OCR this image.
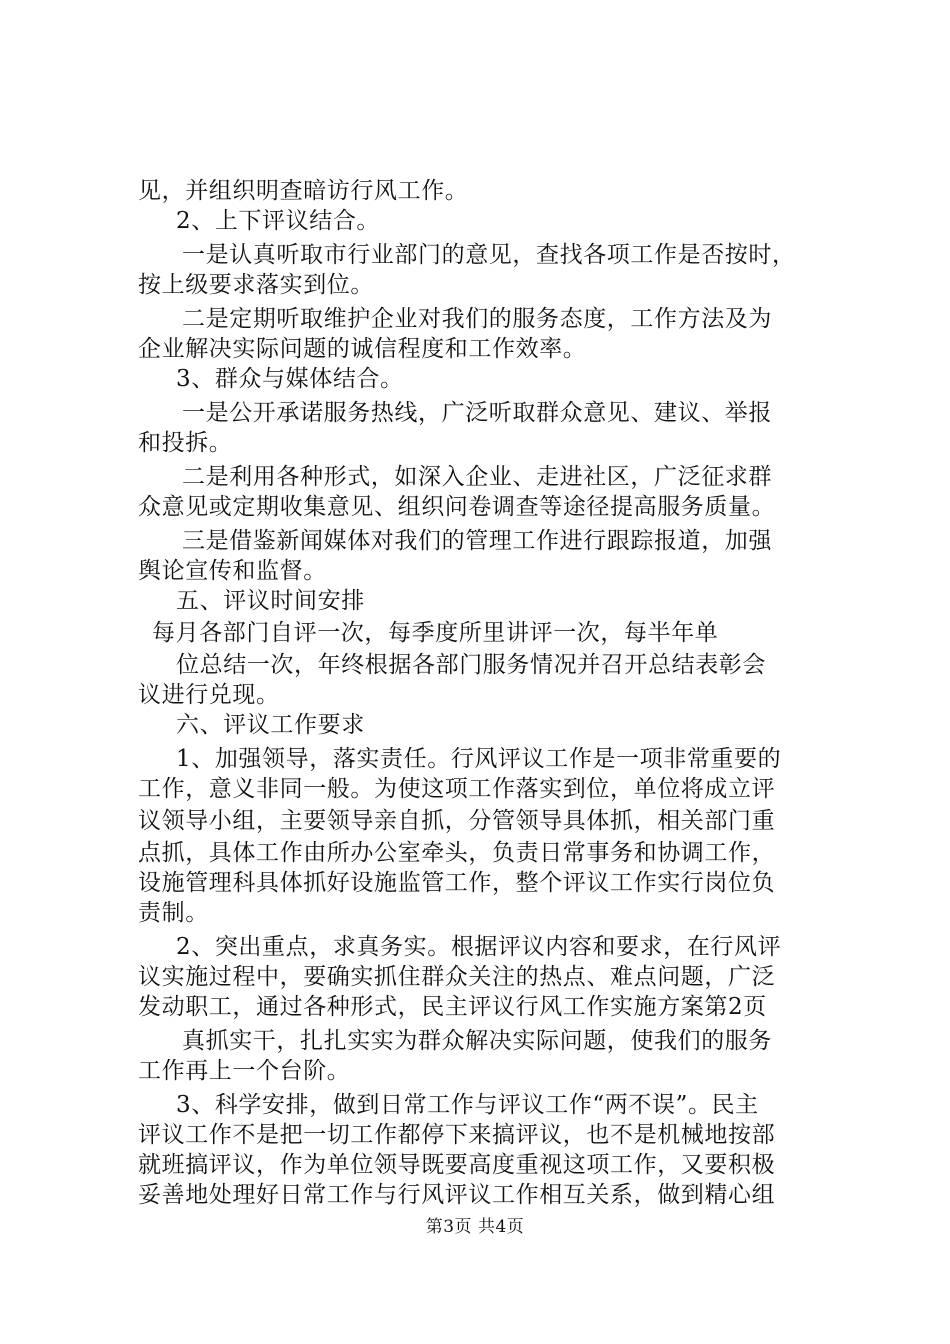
见，并组织明查暗访行风工作。
2、上下评议结合。
一是认真听取市行业部门的意见，查找各项工作是否按时，
按上级要求落实到位。
二是定期听取维护企业对我们的服务态度，工作方法及为
企业解决实际问题的诚信程度和工作效率。
3、群众与媒体结合。
一是公开承诺服务热线，广泛听取群众意见、建议、举报
和投拆。
二是利用各种形式，如深入企业、走进社区，广泛征求群
众意见或定期收集意见、组织问卷调查等途径提高服务质量。
三是借鉴新闻媒体对我们的管理工作进行跟踪报道，加强
舆论宣传和监督。
五、评议时间安排
每月各部门自评一次，每季度所里讲评一次，每半年单
位总结一次，年终根据各部门服务情况并召开总结表彰会
议进行兑现。
六、评议工作要求
1、加强领导，落实责任。行风评议工作是一项非常重要的
工作，意义非同一般。为使这项工作落实到位，单位将成立评
议领导小组，主要领导亲自抓，分管领导具体抓，相关部门重
点抓，具体工作由所办公室牵头，负责日常事务和协调工作，
设施管理科具体抓好设施监管工作，整个评议工作实行岗位负
责制。
2、突出重点，求真务实。根据评议内容和要求，在行风评
议实施过程中，要确实抓住群众关注的热点、难点问题，广泛
发动职工，通过各种形式，民主评议行风工作实施方案第2页
真抓实干，扎扎实实为群众解决实际问题，使我们的服务
工作再上一个台阶。
3、科学安排，做到日常工作与评议工作“两不误”。民主
评议工作不是把一切工作都停下来搞评议，也不是机械地按部
就班搞评议，作为单位领导既要高度重视这项工作，又要积极
妥善地处理好日常工作与行风评议工作相互关系，做到精心组
第3页 共4页
